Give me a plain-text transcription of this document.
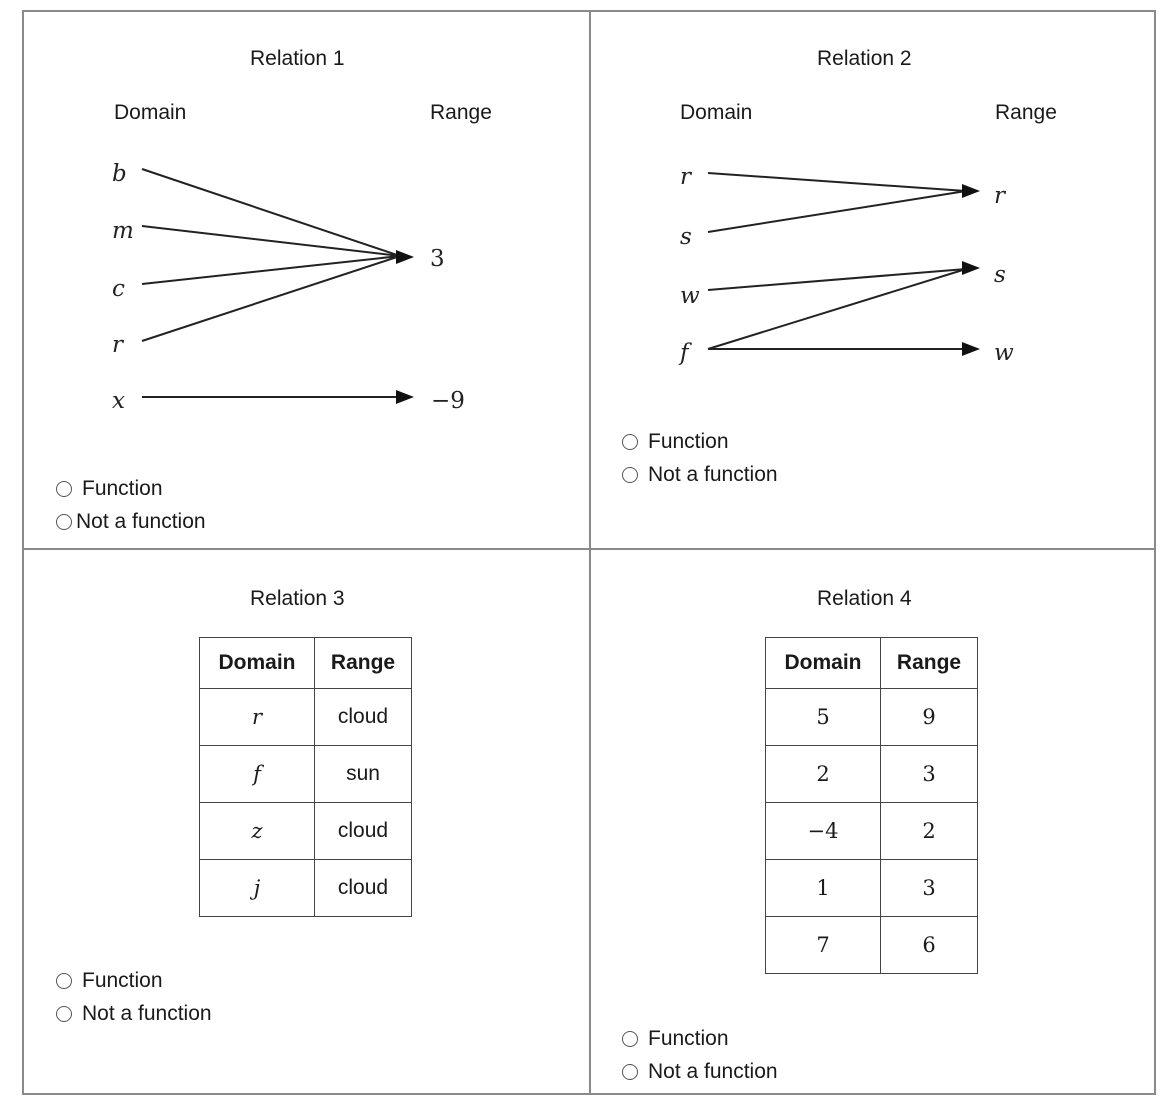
Relation 1
Domain	Range
b
m
c
r
x
3
−9
r
s
w
f
r
s
w
Function
Not a function
Relation 2
Domain	Range
Function
Not a function
Relation 3
Domain	Range
r	cloud
f	sun
z	cloud
j	cloud
Function
Not a function
Relation 4
Domain	Range
5	9
2	3
−4	2
1	3
7	6
Function
Not a function
